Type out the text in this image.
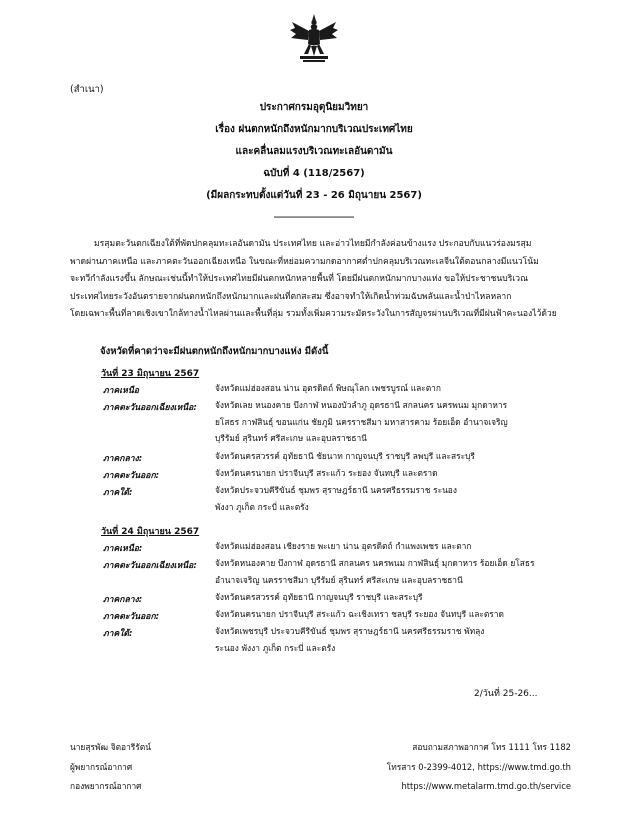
(สำเนา)
ประกาศกรมอุตุนิยมวิทยา
เรื่อง ฝนตกหนักถึงหนักมากบริเวณประเทศไทย
และคลื่นลมแรงบริเวณทะเลอันดามัน
ฉบับที่ 4 (118/2567)
(มีผลกระทบตั้งแต่วันที่ 23 - 26 มิถุนายน 2567)
________________
มรสุมตะวันตกเฉียงใต้ที่พัดปกคลุมทะเลอันดามัน ประเทศไทย และอ่าวไทยมีกำลังค่อนข้างแรง ประกอบกับแนวร่องมรสุม
พาดผ่านภาคเหนือ และภาคตะวันออกเฉียงเหนือ ในขณะที่หย่อมความกดอากาศต่ำปกคลุมบริเวณทะเลจีนใต้ตอนกลางมีแนวโน้ม
จะทวีกำลังแรงขึ้น ลักษณะเช่นนี้ทำให้ประเทศไทยมีฝนตกหนักหลายพื้นที่ โดยมีฝนตกหนักมากบางแห่ง ขอให้ประชาชนบริเวณ
ประเทศไทยระวังอันตรายจากฝนตกหนักถึงหนักมากและฝนที่ตกสะสม ซึ่งอาจทำให้เกิดน้ำท่วมฉับพลันและน้ำป่าไหลหลาก
โดยเฉพาะพื้นที่ลาดเชิงเขาใกล้ทางน้ำไหลผ่านและพื้นที่ลุ่ม รวมทั้งเพิ่มความระมัดระวังในการสัญจรผ่านบริเวณที่มีฝนฟ้าคะนองไว้ด้วย
จังหวัดที่คาดว่าจะมีฝนตกหนักถึงหนักมากบางแห่ง มีดังนี้
วันที่ 23 มิถุนายน 2567
ภาคเหนือ	จังหวัดแม่ฮ่องสอน น่าน อุตรดิตถ์ พิษณุโลก เพชรบูรณ์ และตาก
ภาคตะวันออกเฉียงเหนือ: จังหวัดเลย หนองคาย บึงกาฬ หนองบัวลำภู อุดรธานี สกลนคร นครพนม มุกดาหาร
ยโสธร กาฬสินธุ์ ขอนแก่น ชัยภูมิ นครราชสีมา มหาสารคาม ร้อยเอ็ด อำนาจเจริญ
บุรีรัมย์ สุรินทร์ ศรีสะเกษ และอุบลราชธานี
ภาคกลาง:	จังหวัดนครสวรรค์ อุทัยธานี ชัยนาท กาญจนบุรี ราชบุรี ลพบุรี และสระบุรี
ภาคตะวันออก:	จังหวัดนครนายก ปราจีนบุรี สระแก้ว ระยอง จันทบุรี และตราด
ภาคใต้:	จังหวัดประจวบคีรีขันธ์ ชุมพร สุราษฎร์ธานี นครศรีธรรมราช ระนอง
พังงา ภูเก็ต กระบี่ และตรัง
วันที่ 24 มิถุนายน 2567
ภาคเหนือ:	จังหวัดแม่ฮ่องสอน เชียงราย พะเยา น่าน อุตรดิตถ์ กำแพงเพชร และตาก
ภาคตะวันออกเฉียงเหนือ: จังหวัดหนองคาย บึงกาฬ อุดรธานี สกลนคร นครพนม กาฬสินธุ์ มุกดาหาร ร้อยเอ็ด ยโสธร
อำนาจเจริญ นครราชสีมา บุรีรัมย์ สุรินทร์ ศรีสะเกษ และอุบลราชธานี
ภาคกลาง:	จังหวัดนครสวรรค์ อุทัยธานี กาญจนบุรี ราชบุรี และสระบุรี
ภาคตะวันออก:	จังหวัดนครนายก ปราจีนบุรี สระแก้ว ฉะเชิงเทรา ชลบุรี ระยอง จันทบุรี และตราด
ภาคใต้:	จังหวัดเพชรบุรี ประจวบคีรีขันธ์ ชุมพร สุราษฎร์ธานี นครศรีธรรมราช พัทลุง
ระนอง พังงา ภูเก็ต กระบี่ และตรัง
2/วันที่ 25-26...
นายสุรพัฒ จิตอารีรัตน์
ผู้พยากรณ์อากาศ
กองพยากรณ์อากาศ
สอบถามสภาพอากาศ โทร 1111 โทร 1182
โทรสาร 0-2399-4012, https://www.tmd.go.th
https://www.metalarm.tmd.go.th/service
